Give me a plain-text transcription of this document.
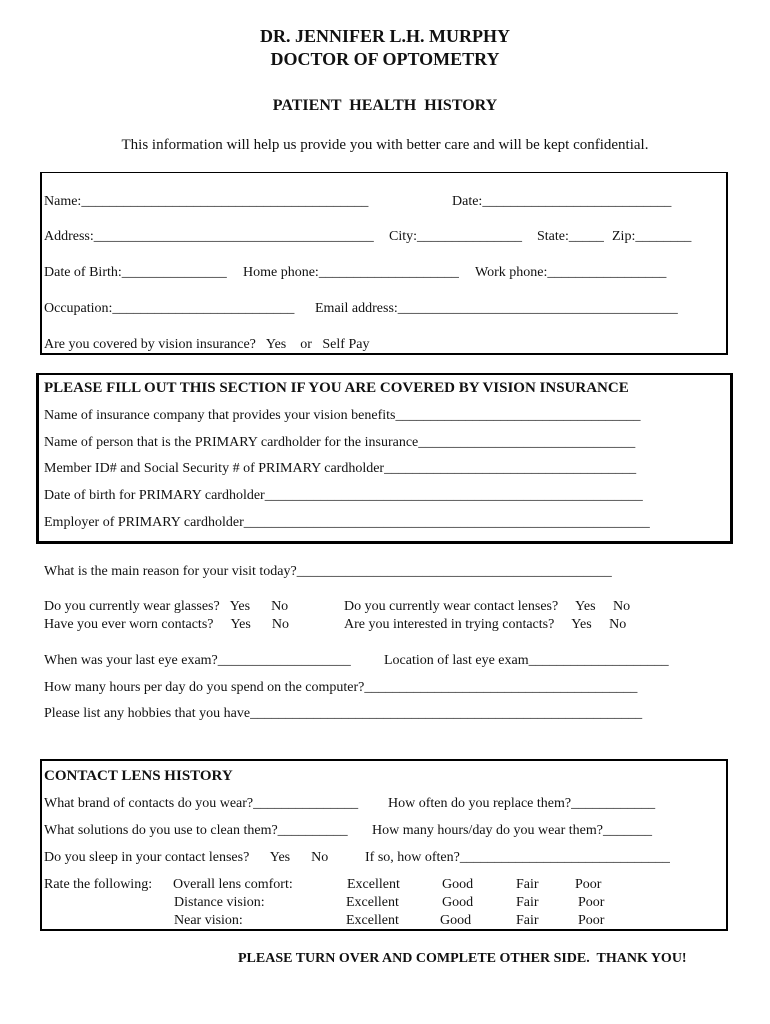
DR. JENNIFER L.H. MURPHY
DOCTOR OF OPTOMETRY
PATIENT  HEALTH  HISTORY
This information will help us provide you with better care and will be kept confidential.
Name:_________________________________________	Date:___________________________
Address:________________________________________ City:_______________ State:_____ Zip:________
Date of Birth:_______________ Home phone:____________________ Work phone:_________________
Occupation:__________________________ Email address:________________________________________
Are you covered by vision insurance?   Yes    or   Self Pay
PLEASE FILL OUT THIS SECTION IF YOU ARE COVERED BY VISION INSURANCE
Name of insurance company that provides your vision benefits___________________________________
Name of person that is the PRIMARY cardholder for the insurance_______________________________
Member ID# and Social Security # of PRIMARY cardholder____________________________________
Date of birth for PRIMARY cardholder______________________________________________________
Employer of PRIMARY cardholder__________________________________________________________
What is the main reason for your visit today?_____________________________________________
Do you currently wear glasses?   Yes      No
Have you ever worn contacts?     Yes      No
Do you currently wear contact lenses?     Yes     No
Are you interested in trying contacts?     Yes     No
When was your last eye exam?___________________ Location of last eye exam____________________
How many hours per day do you spend on the computer?_______________________________________
Please list any hobbies that you have________________________________________________________
CONTACT LENS HISTORY
What brand of contacts do you wear?_______________ How often do you replace them?____________
What solutions do you use to clean them?__________ How many hours/day do you wear them?_______
Do you sleep in your contact lenses?      Yes      No	If so, how often?______________________________
Rate the following: Overall lens comfort:	Excellent	Good	Fair	Poor
Distance vision:	Excellent	Good	Fair	Poor
Near vision:	Excellent	Good	Fair	Poor
PLEASE TURN OVER AND COMPLETE OTHER SIDE.  THANK YOU!
